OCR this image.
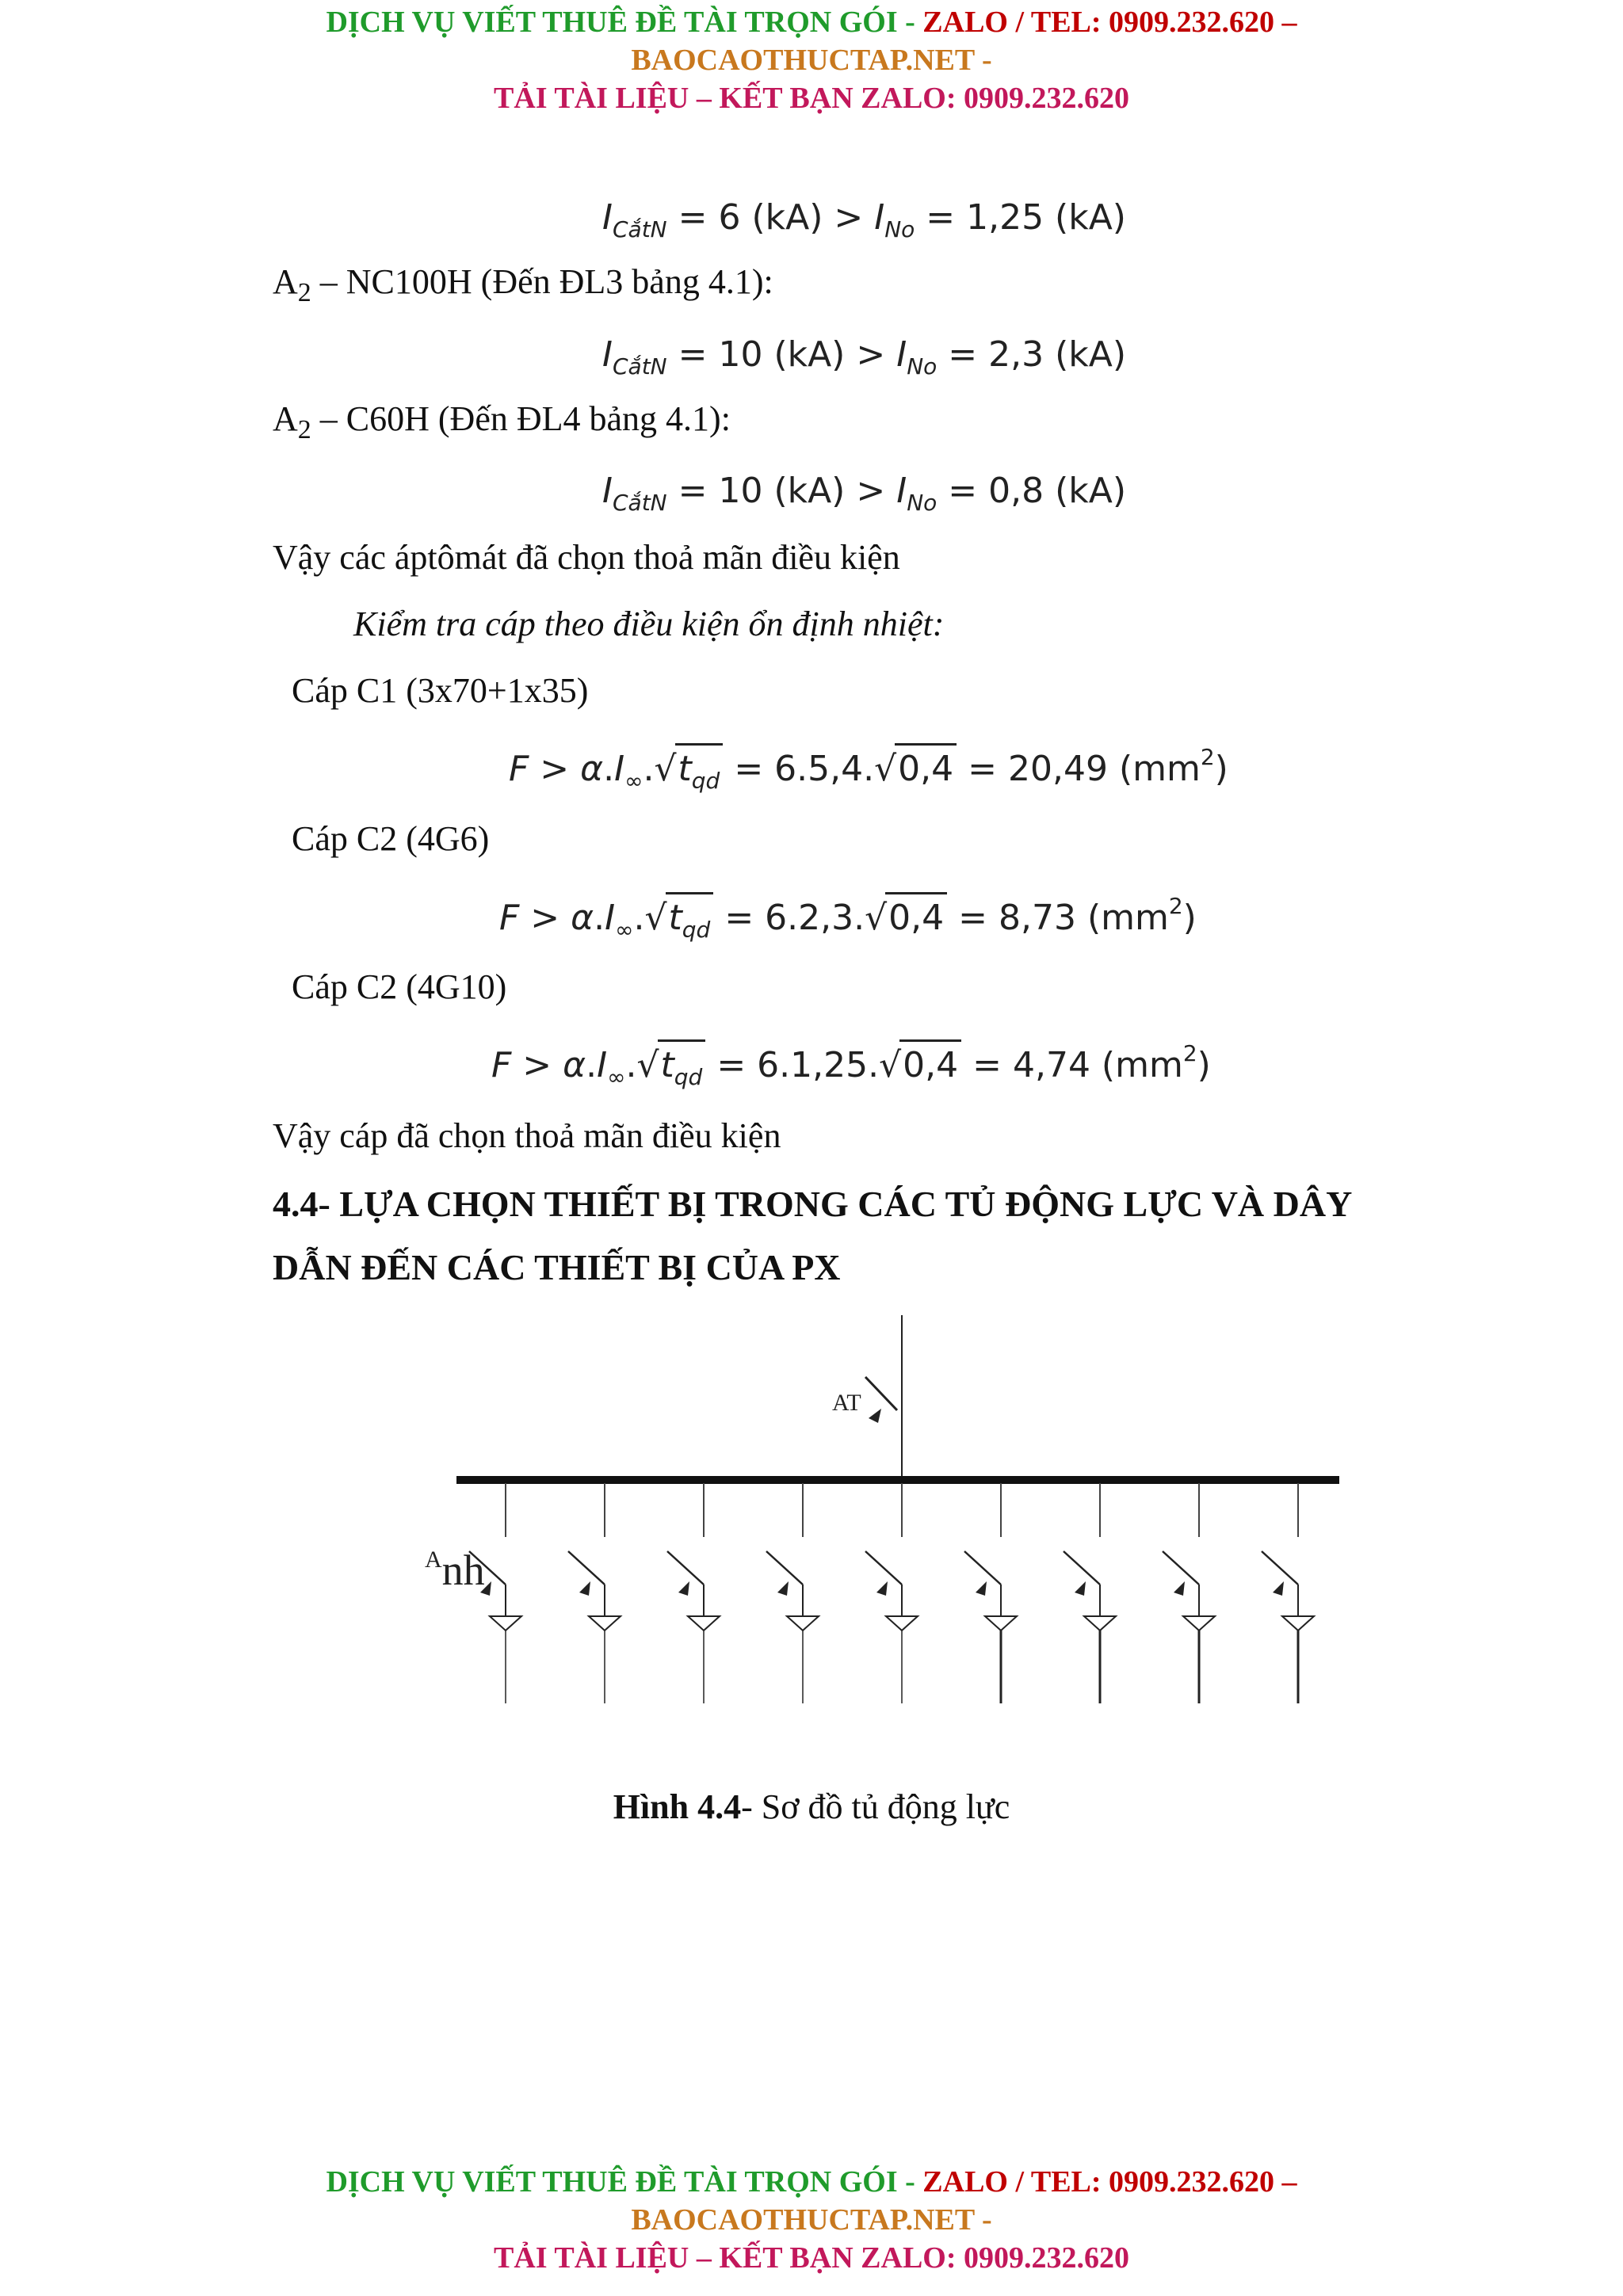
DỊCH VỤ VIẾT THUÊ ĐỀ TÀI TRỌN GÓI - ZALO / TEL: 0909.232.620 –
BAOCAOTHUCTAP.NET -
TẢI TÀI LIỆU – KẾT BẠN ZALO: 0909.232.620
$I_{CắtN} = 6$ $(kA) > I_{No} = 1,25$ (kA)
$A_2 - NC100H$ (Đến ĐL3 bảng 4.1):
$I_{CắtN} = 10$ $(kA) > I_{No} = 2,3$ (kA)
$A_2 - C60H$ (Đến ĐL4 bảng 4.1):
$I_{CắtN} = 10$ $(kA) > I_{No} = 0,8$ (kA)
Vậy các áptômát đã chọn thoả mãn điều kiện
Kiểm tra cáp theo điều kiện ổn định nhiệt:
Cáp C1 (3x70+1x35)
$F > \alpha.I_\infty.√t_{qd} = 6.5,4.√0,4 = 20,49$ $(mm^2)$
Cáp C2 (4G6)
$F > \alpha.I_\infty.√t_{qd} = 6.2,3.√0,4 = 8,73$ $(mm^2)$
Cáp C2 (4G10)
$F > \alpha.I_\infty.√t_{qd} = 6.1,25.√0,4 = 4,74$ $(mm^2)$
Vậy cáp đã chọn thoả mãn điều kiện
4.4- LỰA CHỌN THIẾT BỊ TRONG CÁC TỦ ĐỘNG LỰC VÀ DÂY
DẪN ĐẾN CÁC THIẾT BỊ CỦA PX
AT
$^A$nh
Hình 4.4- Sơ đồ tủ động lực
DỊCH VỤ VIẾT THUÊ ĐỀ TÀI TRỌN GÓI - ZALO / TEL: 0909.232.620 –
BAOCAOTHUCTAP.NET -
TẢI TÀI LIỆU – KẾT BẠN ZALO: 0909.232.620
